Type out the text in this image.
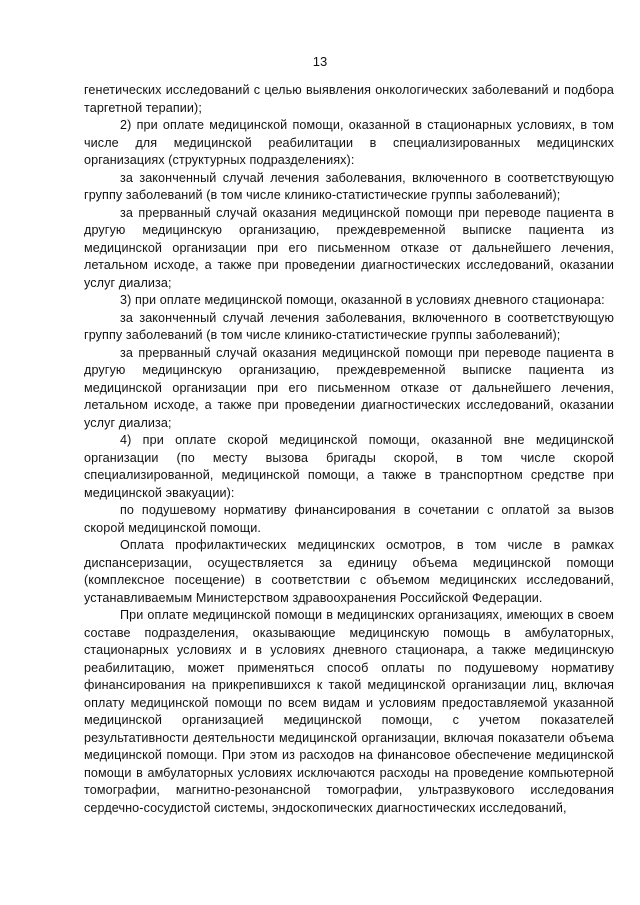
13

генетических исследований с целью выявления онкологических заболеваний и подбора таргетной терапии);

2) при оплате медицинской помощи, оказанной в стационарных условиях, в том числе для медицинской реабилитации в специализированных медицинских организациях (структурных подразделениях):

за законченный случай лечения заболевания, включенного в соответствующую группу заболеваний (в том числе клинико-статистические группы заболеваний);

за прерванный случай оказания медицинской помощи при переводе пациента в другую медицинскую организацию, преждевременной выписке пациента из медицинской организации при его письменном отказе от дальнейшего лечения, летальном исходе, а также при проведении диагностических исследований, оказании услуг диализа;

3) при оплате медицинской помощи, оказанной в условиях дневного стационара:

за законченный случай лечения заболевания, включенного в соответствующую группу заболеваний (в том числе клинико-статистические группы заболеваний);

за прерванный случай оказания медицинской помощи при переводе пациента в другую медицинскую организацию, преждевременной выписке пациента из медицинской организации при его письменном отказе от дальнейшего лечения, летальном исходе, а также при проведении диагностических исследований, оказании услуг диализа;

4) при оплате скорой медицинской помощи, оказанной вне медицинской организации (по месту вызова бригады скорой, в том числе скорой специализированной, медицинской помощи, а также в транспортном средстве при медицинской эвакуации):

по подушевому нормативу финансирования в сочетании с оплатой за вызов скорой медицинской помощи.

Оплата профилактических медицинских осмотров, в том числе в рамках диспансеризации, осуществляется за единицу объема медицинской помощи (комплексное посещение) в соответствии с объемом медицинских исследований, устанавливаемым Министерством здравоохранения Российской Федерации.

При оплате медицинской помощи в медицинских организациях, имеющих в своем составе подразделения, оказывающие медицинскую помощь в амбулаторных, стационарных условиях и в условиях дневного стационара, а также медицинскую реабилитацию, может применяться способ оплаты по подушевому нормативу финансирования на прикрепившихся к такой медицинской организации лиц, включая оплату медицинской помощи по всем видам и условиям предоставляемой указанной медицинской организацией медицинской помощи, с учетом показателей результативности деятельности медицинской организации, включая показатели объема медицинской помощи. При этом из расходов на финансовое обеспечение медицинской помощи в амбулаторных условиях исключаются расходы на проведение компьютерной томографии, магнитно-резонансной томографии, ультразвукового исследования сердечно-сосудистой системы, эндоскопических диагностических исследований,
